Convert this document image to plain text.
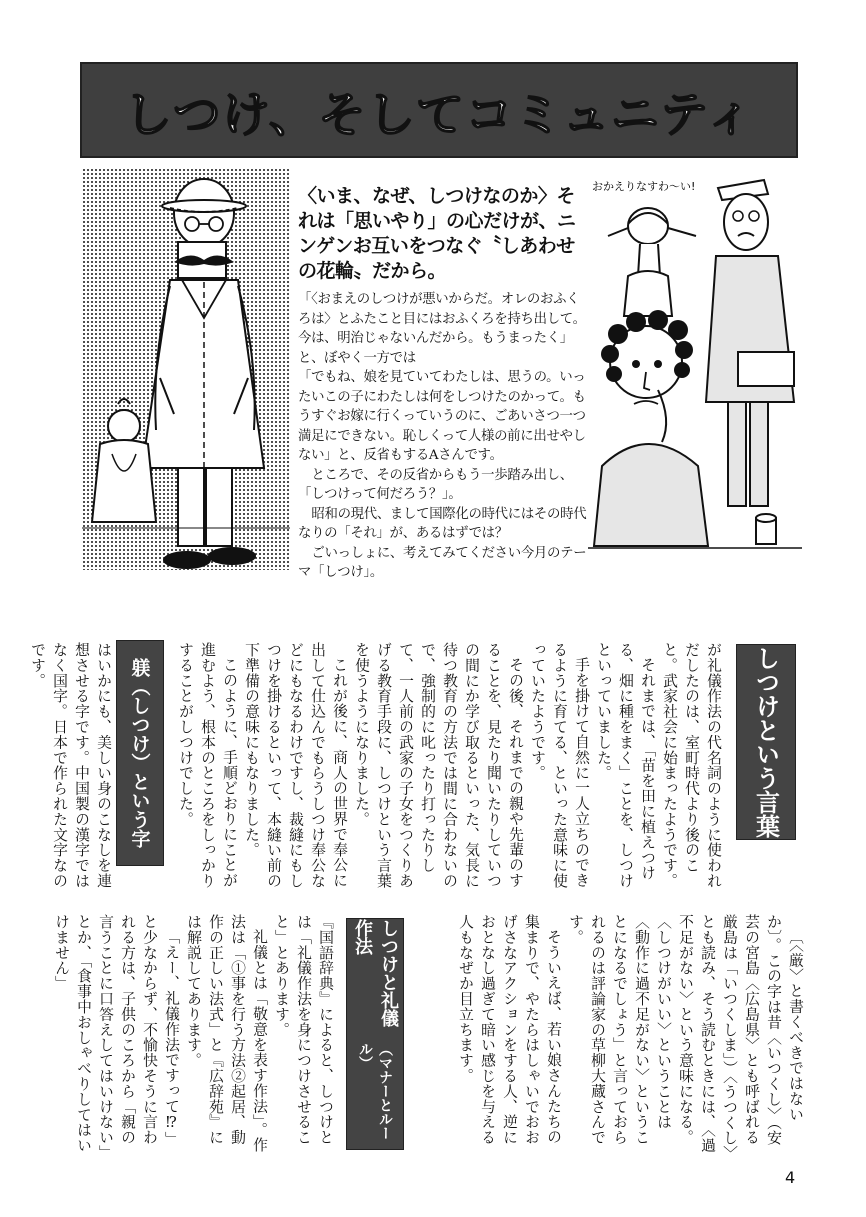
しつけ、そしてコミュニティ
〈いま、なぜ、しつけなのか〉それは「思いやり」の心だけが、ニンゲンお互いをつなぐ〝しあわせの花輪〟だから。

「〈おまえのしつけが悪いからだ。オレのおふくろは〉とふたこと目にはおふくろを持ち出して。今は、明治じゃないんだから。もうまったく」と、ぼやく一方では

「でもね、娘を見ていてわたしは、思うの。いったいこの子にわたしは何をしつけたのかって。もうすぐお嫁に行くっていうのに、ごあいさつ一つ満足にできない。恥しくって人様の前に出せやしない」と、反省もするAさんです。

ところで、その反省からもう一歩踏み出し、「しつけって何だろう？」。

昭和の現代、まして国際化の時代にはその時代なりの「それ」が、あるはずでは？

ごいっしょに、考えてみてください今月のテーマ「しつけ」。

おかえりなすわ～い!
しつけという言葉

が礼儀作法の代名詞のように使われだしたのは、室町時代より後のこと。武家社会に始まったようです。

それまでは、「苗を田に植えつける、畑に種をまく」ことを、しつけといっていました。

手を掛けて自然に一人立ちのできるように育てる、といった意味に使っていたようです。

その後、それまでの親や先輩のすることを、見たり聞いたりしていつの間にか学び取るといった、気長に待つ教育の方法では間に合わないので、強制的に叱ったり打ったりして、一人前の武家の子女をつくりあげる教育手段に、しつけという言葉を使うようになりました。

これが後に、商人の世界で奉公に出して仕込んでもらうしつけ奉公などにもなるわけですし、裁縫にもしつけを掛けるといって、本縫い前の下準備の意味にもなりました。

このように、手順どおりにことが進むよう、根本のところをしっかりすることがしつけでした。

躾（しつけ）という字

はいかにも、美しい身のこなしを連想させる字です。中国製の漢字ではなく国字。日本で作られた文字なのです。

〔〈厳〉と書くべきではないか〕。この字は昔〈いつくし〉（安芸の宮島〈広島県〉とも呼ばれる厳島は「いつくしま」）〈うつくし〉とも読み、そう読むときには、〈過不足がない〉という意味になる。〈しつけがいい〉ということは〈動作に過不足がない〉ということになるでしょう」と言っておられるのは評論家の草柳大蔵さんです。

そういえば、若い娘さんたちの集まりで、やたらはしゃいでおおげさなアクションをする人、逆におとなし過ぎて暗い感じを与える人もなぜか目立ちます。

しつけと礼儀作法
（マナーとルール）

『国語辞典』によると、しつけとは「礼儀作法を身につけさせること」とあります。

礼儀とは「敬意を表す作法」。作法は「①事を行う方法②起居、動作の正しい法式」と『広辞苑』には解説してあります。

「えー、礼儀作法ですって⁉」と少なからず、不愉快そうに言われる方は、子供のころから「親の言うことに口答えしてはいけない」とか、「食事中おしゃべりしてはいけません」

4
